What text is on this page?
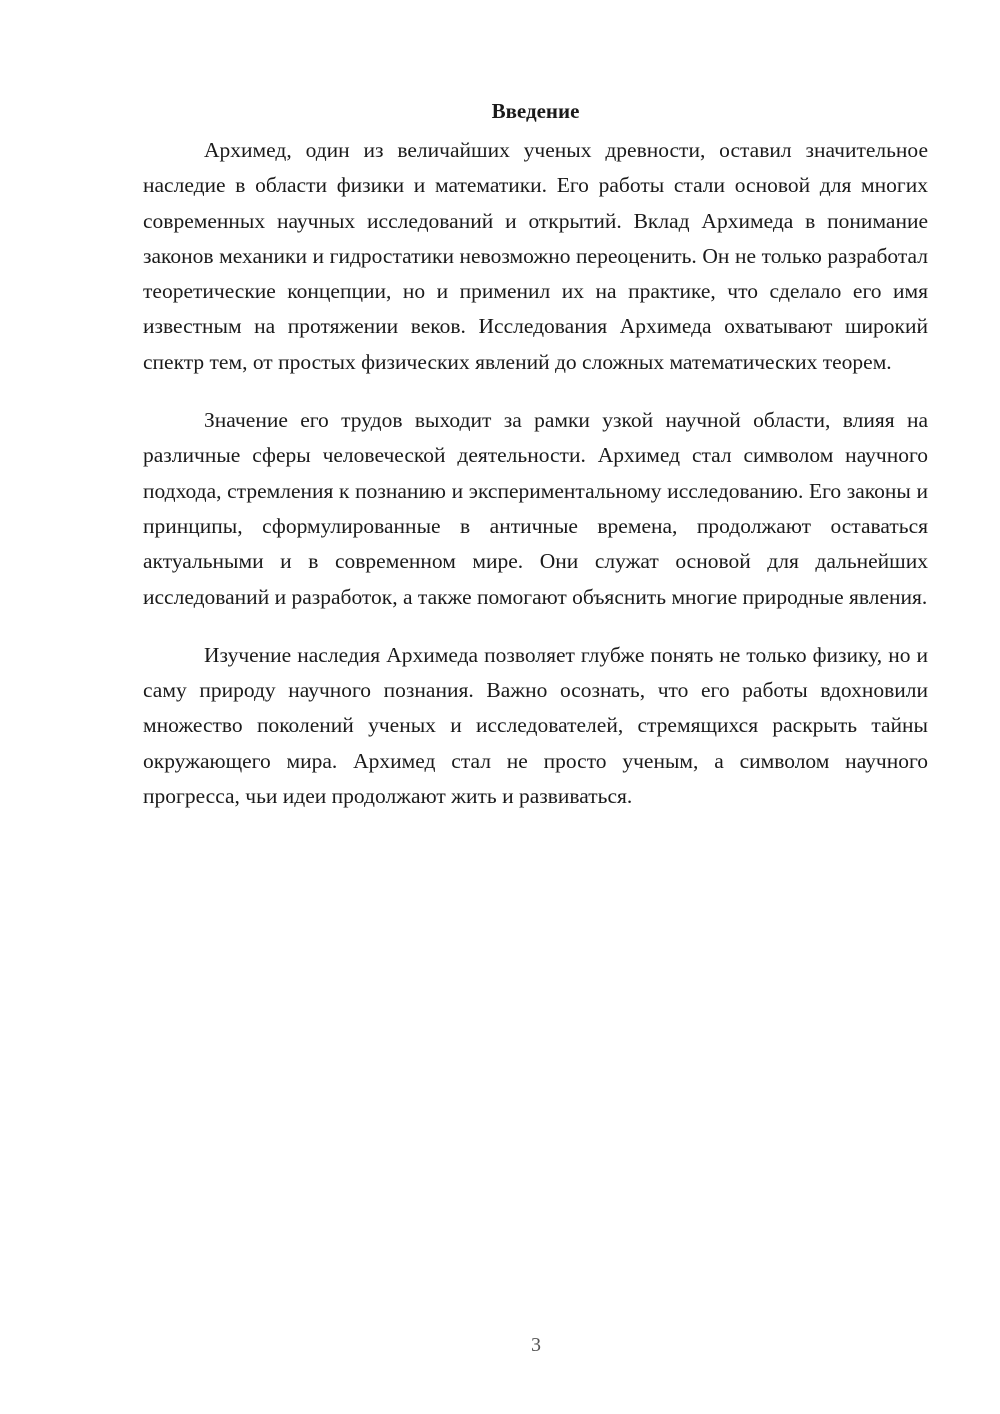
Введение

Архимед, один из величайших ученых древности, оставил значительное наследие в области физики и математики. Его работы стали основой для многих современных научных исследований и открытий. Вклад Архимеда в понимание законов механики и гидростатики невозможно переоценить. Он не только разработал теоретические концепции, но и применил их на практике, что сделало его имя известным на протяжении веков. Исследования Архимеда охватывают широкий спектр тем, от простых физических явлений до сложных математических теорем.

Значение его трудов выходит за рамки узкой научной области, влияя на различные сферы человеческой деятельности. Архимед стал символом научного подхода, стремления к познанию и экспериментальному исследованию. Его законы и принципы, сформулированные в античные времена, продолжают оставаться актуальными и в современном мире. Они служат основой для дальнейших исследований и разработок, а также помогают объяснить многие природные явления.

Изучение наследия Архимеда позволяет глубже понять не только физику, но и саму природу научного познания. Важно осознать, что его работы вдохновили множество поколений ученых и исследователей, стремящихся раскрыть тайны окружающего мира. Архимед стал не просто ученым, а символом научного прогресса, чьи идеи продолжают жить и развиваться.

3
